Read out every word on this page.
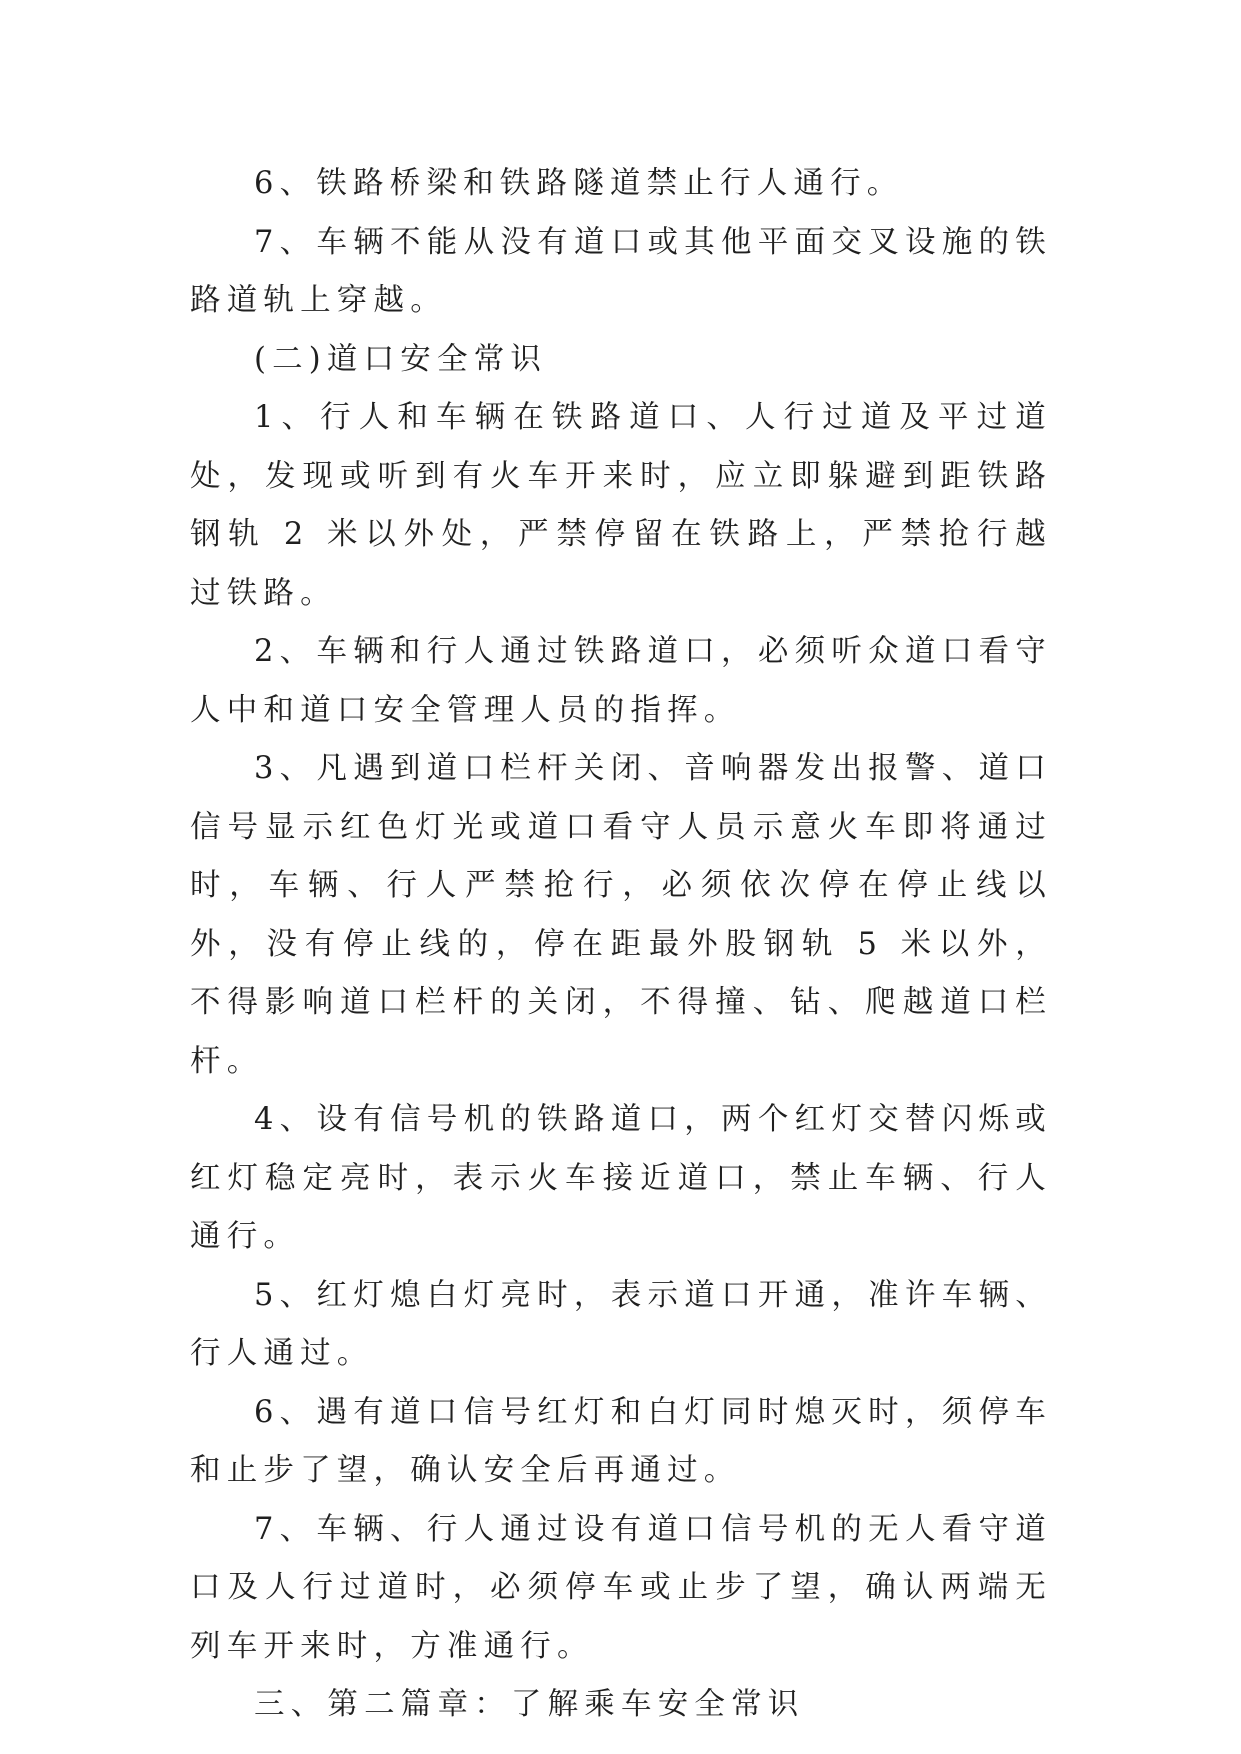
6、铁路桥梁和铁路隧道禁止行人通行。

7、车辆不能从没有道口或其他平面交叉设施的铁路道轨上穿越。

(二)道口安全常识

1、行人和车辆在铁路道口、人行过道及平过道处，发现或听到有火车开来时，应立即躲避到距铁路钢轨 2 米以外处，严禁停留在铁路上，严禁抢行越过铁路。

2、车辆和行人通过铁路道口，必须听众道口看守人中和道口安全管理人员的指挥。

3、凡遇到道口栏杆关闭、音响器发出报警、道口信号显示红色灯光或道口看守人员示意火车即将通过时，车辆、行人严禁抢行，必须依次停在停止线以外，没有停止线的，停在距最外股钢轨 5 米以外，不得影响道口栏杆的关闭，不得撞、钻、爬越道口栏杆。

4、设有信号机的铁路道口，两个红灯交替闪烁或红灯稳定亮时，表示火车接近道口，禁止车辆、行人通行。

5、红灯熄白灯亮时，表示道口开通，准许车辆、行人通过。

6、遇有道口信号红灯和白灯同时熄灭时，须停车和止步了望，确认安全后再通过。

7、车辆、行人通过设有道口信号机的无人看守道口及人行过道时，必须停车或止步了望，确认两端无列车开来时，方准通行。

三、第二篇章：了解乘车安全常识
